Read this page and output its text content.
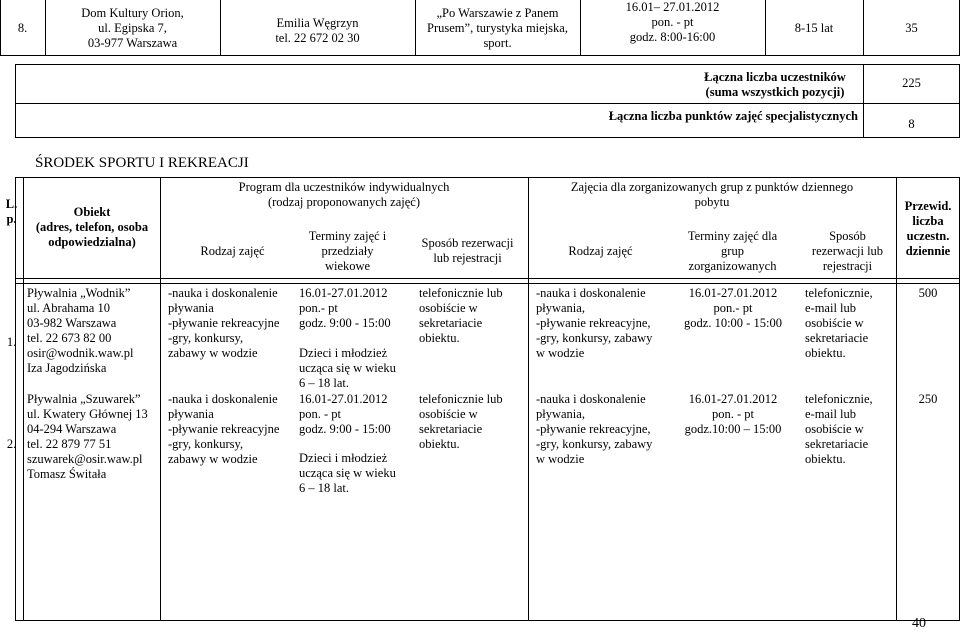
8.
Dom Kultury Orion,
ul. Egipska 7,
03-977 Warszawa
Emilia Węgrzyn
tel. 22 672 02 30
„Po Warszawie z Panem
Prusem”, turystyka miejska,
sport.
16.01– 27.01.2012
pon. - pt
godz. 8:00-16:00
8-15 lat	35
Łączna liczba uczestników
(suma wszystkich pozycji)
225
Łączna liczba punktów zajęć specjalistycznych
8
ŚRODEK SPORTU I REKREACJI
L.
p.	Obiekt
(adres, telefon, osoba
odpowiedzialna)
Program dla uczestników indywidualnych
(rodzaj proponowanych zajęć)
Rodzaj zajęć
Terminy zajęć i
przedziały
wiekowe
Sposób rezerwacji
lub rejestracji
Zajęcia dla zorganizowanych grup z punktów dziennego
pobytu
Rodzaj zajęć
Terminy zajęć dla
grup
zorganizowanych
Sposób
rezerwacji lub
rejestracji
Przewid.
liczba
uczestn.
dziennie
1.
Pływalnia „Wodnik”
ul. Abrahama 10
03-982 Warszawa
tel. 22 673 82 00
osir@wodnik.waw.pl
Iza Jagodzińska
-nauka i doskonalenie
pływania
-pływanie rekreacyjne
-gry, konkursy,
zabawy w wodzie
16.01-27.01.2012
pon.- pt
godz. 9:00 - 15:00
Dzieci i młodzież
ucząca się w wieku
6 – 18 lat.
telefonicznie lub
osobiście w
sekretariacie
obiektu.
-nauka i doskonalenie
pływania,
-pływanie rekreacyjne,
-gry, konkursy, zabawy
w wodzie
16.01-27.01.2012
pon.- pt
godz. 10:00 - 15:00
telefonicznie,
e-mail lub
osobiście w
sekretariacie
obiektu.
500
2.
Pływalnia „Szuwarek”
ul. Kwatery Głównej 13
04-294 Warszawa
tel. 22 879 77 51
szuwarek@osir.waw.pl
Tomasz Świtała
-nauka i doskonalenie
pływania
-pływanie rekreacyjne
-gry, konkursy,
zabawy w wodzie
16.01-27.01.2012
pon. - pt
godz. 9:00 - 15:00
Dzieci i młodzież
ucząca się w wieku
6 – 18 lat.
telefonicznie lub
osobiście w
sekretariacie
obiektu.
-nauka i doskonalenie
pływania,
-pływanie rekreacyjne,
-gry, konkursy, zabawy
w wodzie
16.01-27.01.2012
pon. - pt
godz.10:00 – 15:00
telefonicznie,
e-mail lub
osobiście w
sekretariacie
obiektu.
250
40
